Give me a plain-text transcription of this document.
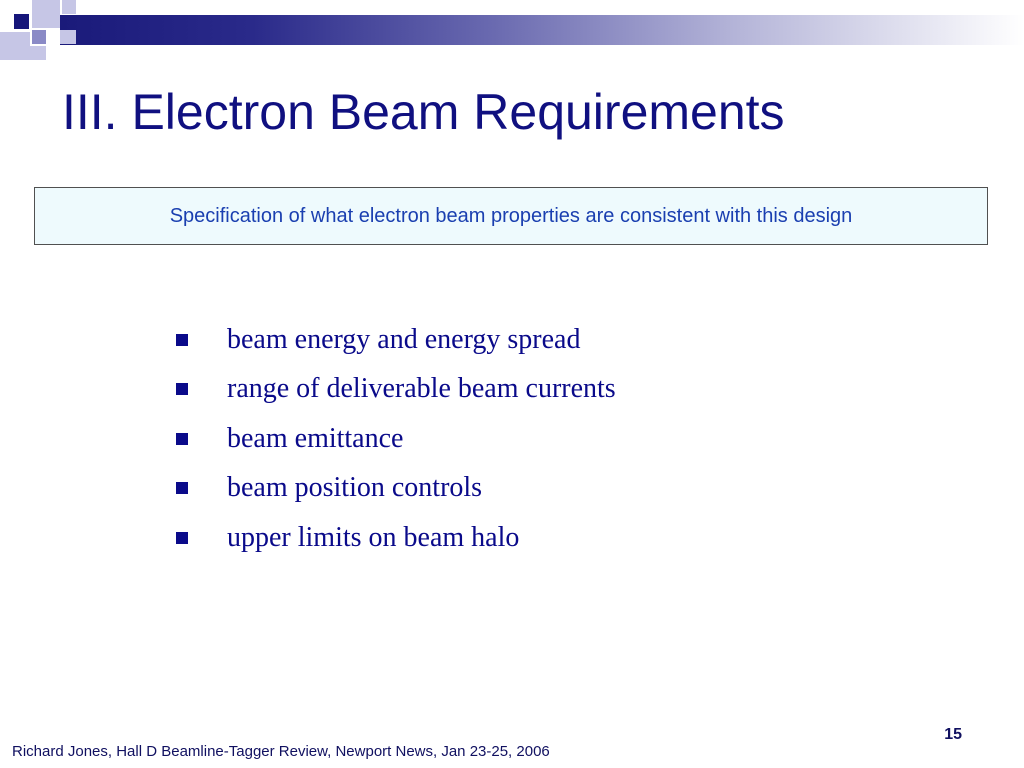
III. Electron Beam Requirements
Specification of what electron beam properties are consistent with this design
beam energy and energy spread
range of deliverable beam currents
beam emittance
beam position controls
upper limits on beam halo
15
Richard Jones, Hall D Beamline-Tagger Review, Newport News, Jan 23-25, 2006
